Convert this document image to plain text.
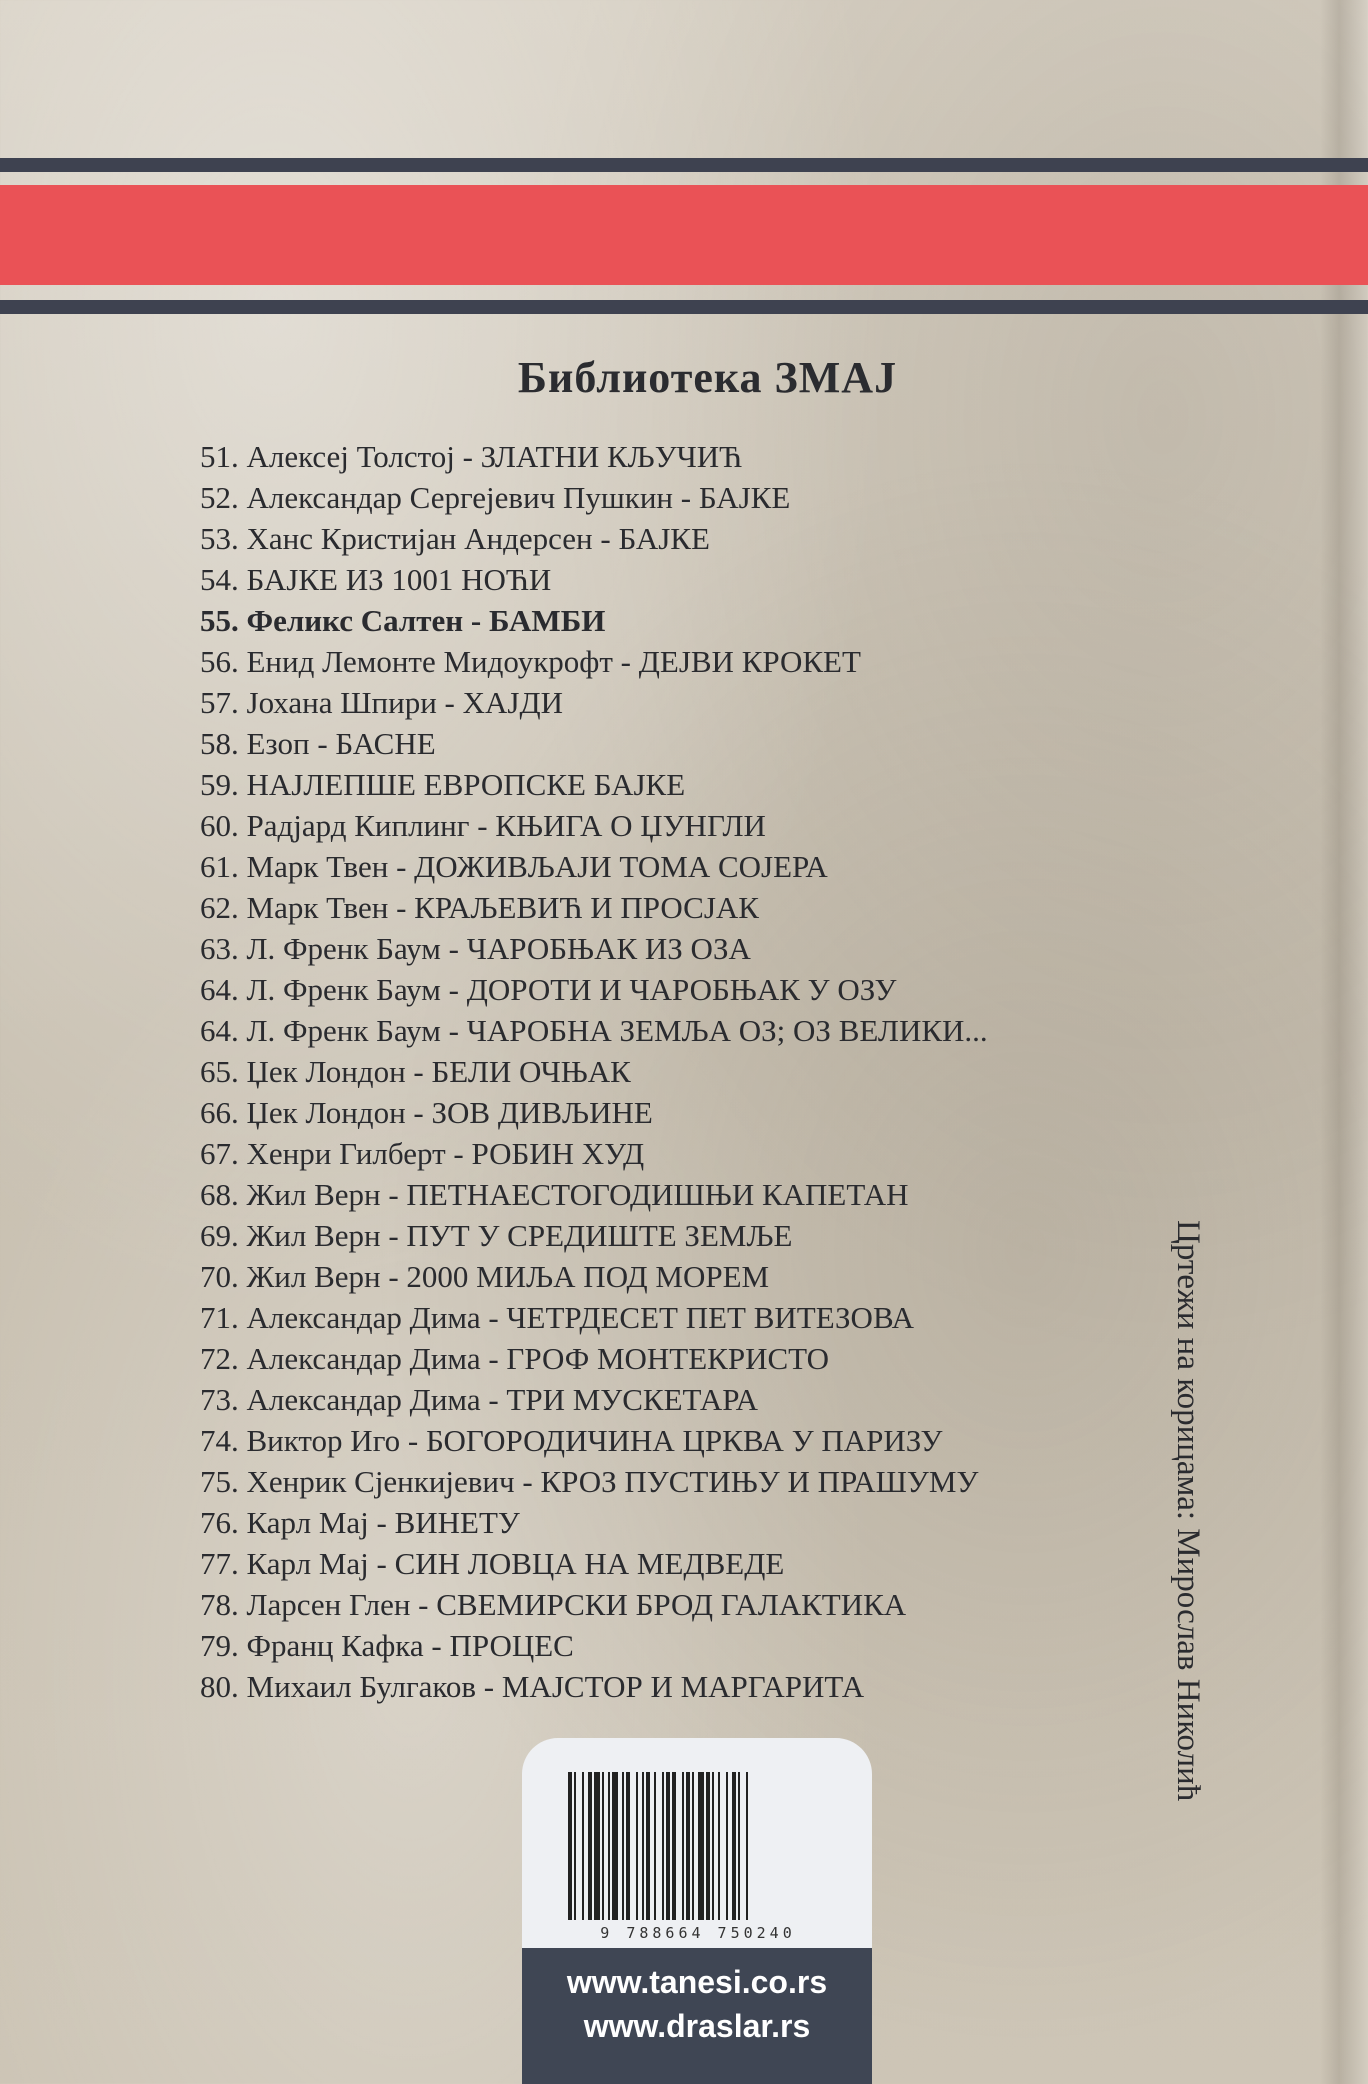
Библиотека ЗМАЈ
51. Алексеј Толстој - ЗЛАТНИ КЉУЧИЋ
52. Александар Сергејевич Пушкин - БАЈКЕ
53. Ханс Кристијан Андерсен - БАЈКЕ
54. БАЈКЕ ИЗ 1001 НОЋИ
55. Феликс Салтен - БАМБИ
56. Енид Лемонте Мидоукрофт - ДЕЈВИ КРОКЕТ
57. Јохана Шпири - ХАЈДИ
58. Езоп - БАСНЕ
59. НАЈЛЕПШЕ ЕВРОПСКЕ БАЈКЕ
60. Радјард Киплинг - КЊИГА О ЏУНГЛИ
61. Марк Твен - ДОЖИВЉАЈИ ТОМА СОЈЕРА
62. Марк Твен - КРАЉЕВИЋ И ПРОСЈАК
63. Л. Френк Баум - ЧАРОБЊАК ИЗ ОЗА
64. Л. Френк Баум - ДОРОТИ И ЧАРОБЊАК У ОЗУ
64. Л. Френк Баум - ЧАРОБНА ЗЕМЉА ОЗ; ОЗ ВЕЛИКИ...
65. Џек Лондон - БЕЛИ ОЧЊАК
66. Џек Лондон - ЗОВ ДИВЉИНЕ
67. Хенри Гилберт - РОБИН ХУД
68. Жил Верн - ПЕТНАЕСТОГОДИШЊИ КАПЕТАН
69. Жил Верн - ПУТ У СРЕДИШТЕ ЗЕМЉЕ
70. Жил Верн - 2000 МИЉА ПОД МОРЕМ
71. Александар Дима - ЧЕТРДЕСЕТ ПЕТ ВИТЕЗОВА
72. Александар Дима - ГРОФ МОНТЕКРИСТО
73. Александар Дима - ТРИ МУСКЕТАРА
74. Виктор Иго - БОГОРОДИЧИНА ЦРКВА У ПАРИЗУ
75. Хенрик Сјенкијевич - КРОЗ ПУСТИЊУ И ПРАШУМУ
76. Карл Мај - ВИНЕТУ
77. Карл Мај - СИН ЛОВЦА НА МЕДВЕДЕ
78. Ларсен Глен - СВЕМИРСКИ БРОД ГАЛАКТИКА
79. Франц Кафка - ПРОЦЕС
80. Михаил Булгаков - МАЈСТОР И МАРГАРИТА	Цртежи на корицама: Мирослав Николић
9 788664 750240
www.tanesi.co.rs
www.draslar.rs
